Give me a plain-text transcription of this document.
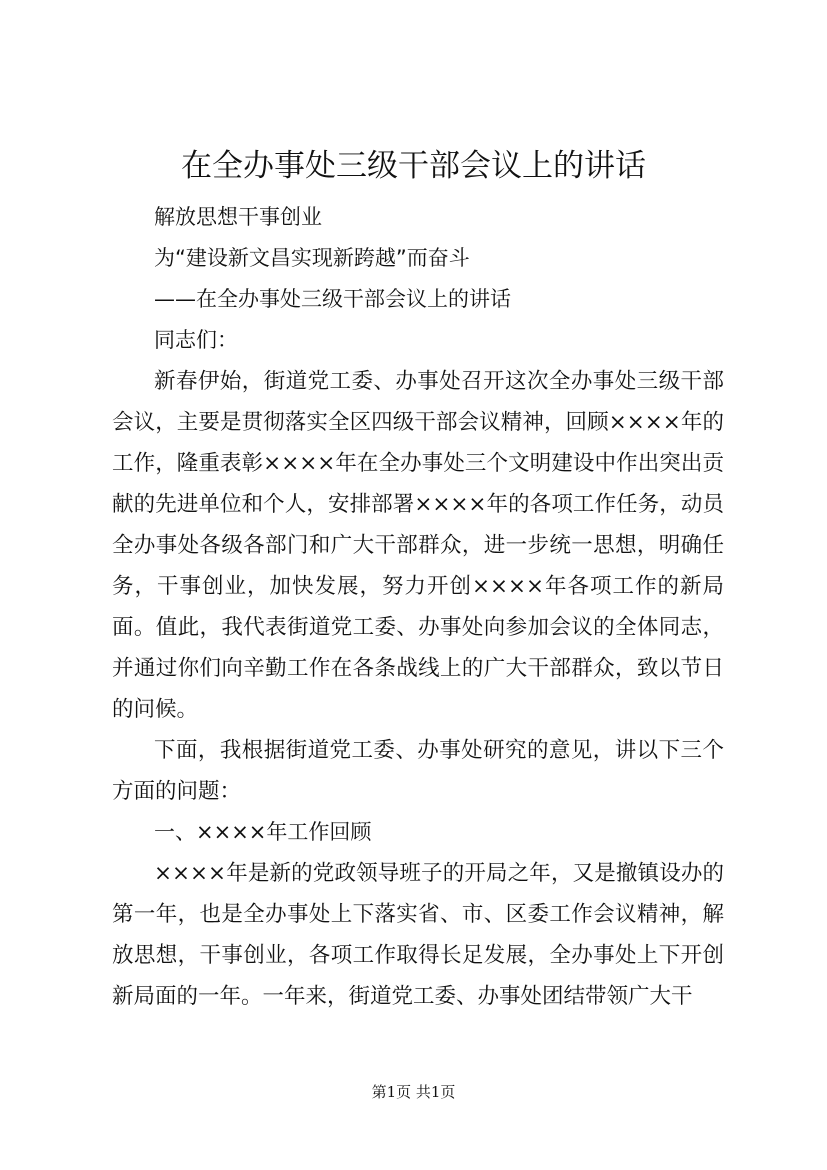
在全办事处三级干部会议上的讲话

解放思想干事创业

为“建设新文昌实现新跨越”而奋斗

——在全办事处三级干部会议上的讲话

同志们：

新春伊始，街道党工委、办事处召开这次全办事处三级干部会议，主要是贯彻落实全区四级干部会议精神，回顾××××年的工作，隆重表彰××××年在全办事处三个文明建设中作出突出贡献的先进单位和个人，安排部署××××年的各项工作任务，动员全办事处各级各部门和广大干部群众，进一步统一思想，明确任务，干事创业，加快发展，努力开创××××年各项工作的新局面。值此，我代表街道党工委、办事处向参加会议的全体同志，并通过你们向辛勤工作在各条战线上的广大干部群众，致以节日的问候。

下面，我根据街道党工委、办事处研究的意见，讲以下三个方面的问题：

一、××××年工作回顾

××××年是新的党政领导班子的开局之年，又是撤镇设办的第一年，也是全办事处上下落实省、市、区委工作会议精神，解放思想，干事创业，各项工作取得长足发展，全办事处上下开创新局面的一年。一年来，街道党工委、办事处团结带领广大干

第1页 共1页
